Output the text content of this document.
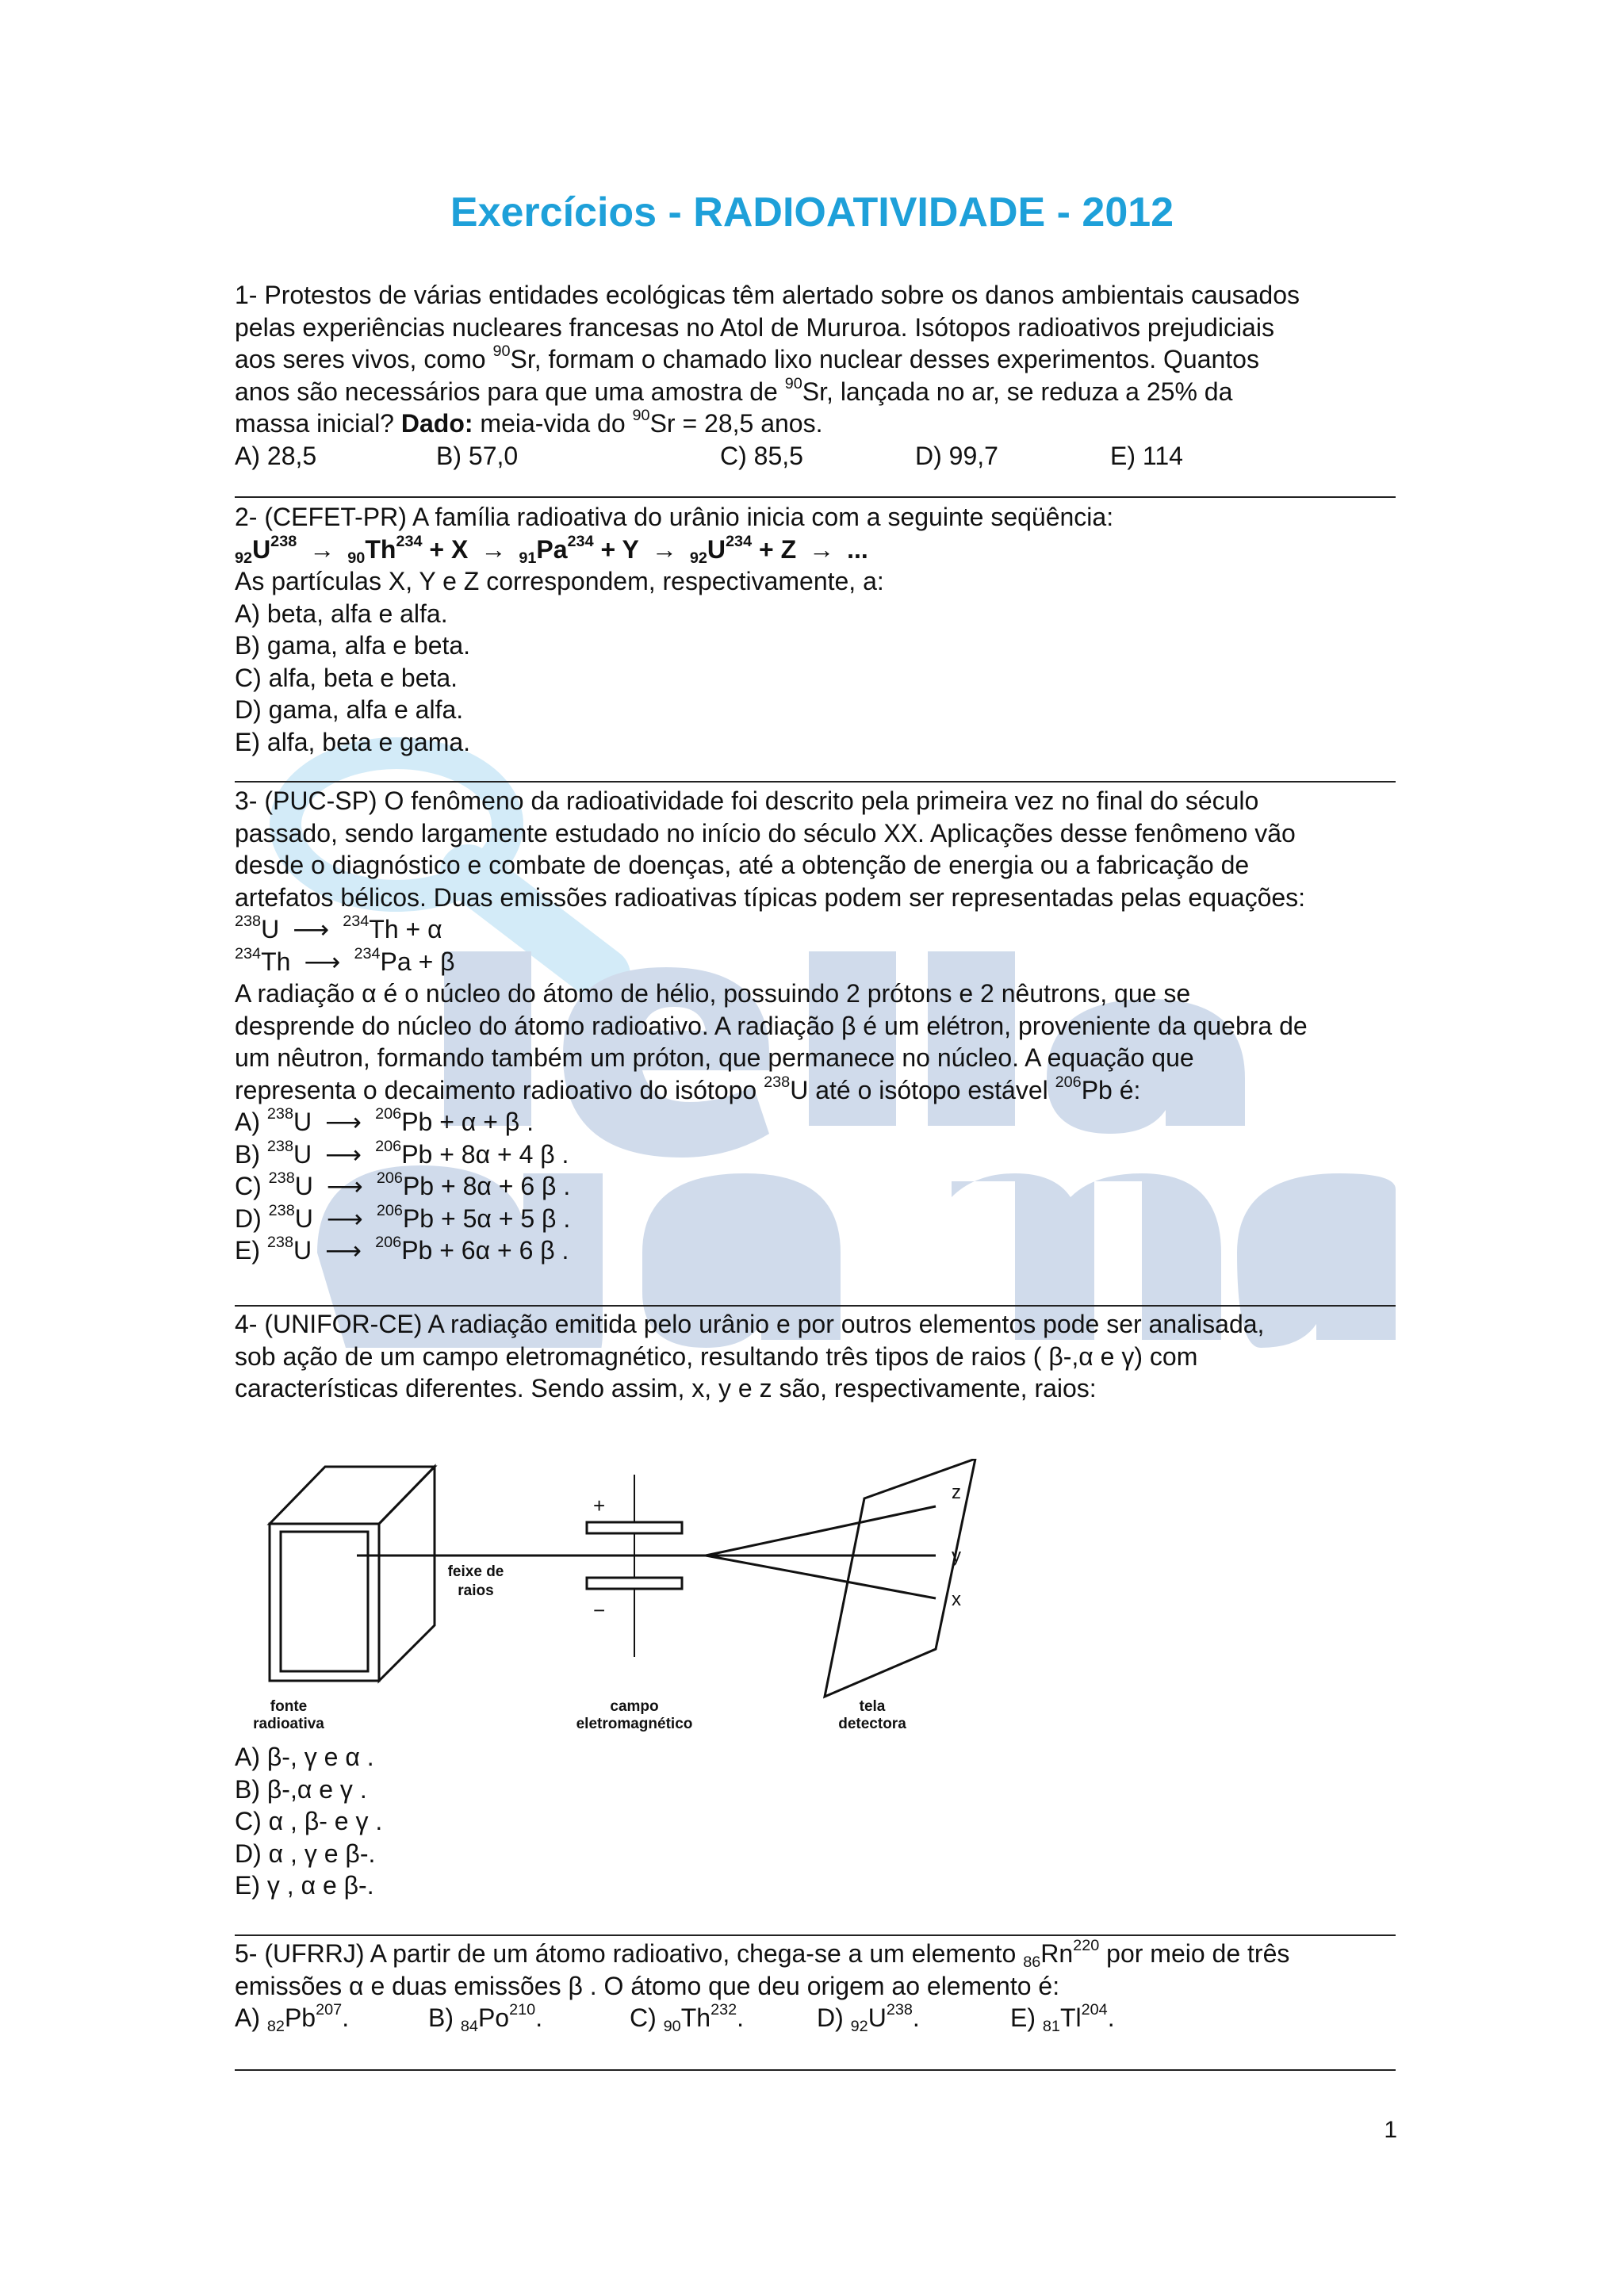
Exercícios - RADIOATIVIDADE - 2012
1- Protestos de várias entidades ecológicas têm alertado sobre os danos ambientais causados
pelas experiências nucleares francesas no Atol de Mururoa. Isótopos radioativos prejudiciais
aos seres vivos, como $^{90}$Sr, formam o chamado lixo nuclear desses experimentos. Quantos
anos são necessários para que uma amostra de $^{90}$Sr, lançada no ar, se reduza a 25% da
massa inicial? Dado: meia-vida do $^{90}$Sr = 28,5 anos.
A) 28,5	B) 57,0	C) 85,5	D) 99,7	E) 114
2- (CEFET-PR) A família radioativa do urânio inicia com a seguinte seqüência:
$_{92}U^{238} \to _{90}Th^{234} + X \to _{91}Pa^{234} + Y \to _{92}U^{234} + Z$ → ...
As partículas X, Y e Z correspondem, respectivamente, a:
A) beta, alfa e alfa.
B) gama, alfa e beta.
C) alfa, beta e beta.
D) gama, alfa e alfa.
E) alfa, beta e gama.
3- (PUC-SP) O fenômeno da radioatividade foi descrito pela primeira vez no final do século
passado, sendo largamente estudado no início do século XX. Aplicações desse fenômeno vão
desde o diagnóstico e combate de doenças, até a obtenção de energia ou a fabricação de
artefatos bélicos. Duas emissões radioativas típicas podem ser representadas pelas equações:
$^{238}$U ⟶ $^{234}$Th + α
$^{234}$Th ⟶ $^{234}$Pa + β
A radiação α é o núcleo do átomo de hélio, possuindo 2 prótons e 2 nêutrons, que se
desprende do núcleo do átomo radioativo. A radiação β é um elétron, proveniente da quebra de
um nêutron, formando também um próton, que permanece no núcleo. A equação que
representa o decaimento radioativo do isótopo $^{238}$U até o isótopo estável $^{206}$Pb é:
A) $^{238}$U ⟶ $^{206}$Pb + α + β .
B) $^{238}$U ⟶ $^{206}$Pb + 8α + 4 β .
C) $^{238}$U ⟶ $^{206}$Pb + 8α + 6 β .
D) $^{238}$U ⟶ $^{206}$Pb + 5α + 5 β .
E) $^{238}$U ⟶ $^{206}$Pb + 6α + 6 β .
4- (UNIFOR-CE) A radiação emitida pelo urânio e por outros elementos pode ser analisada,
sob ação de um campo eletromagnético, resultando três tipos de raios ( β-,α e γ) com
características diferentes. Sendo assim, x, y e z são, respectivamente, raios:
+
−
z
y
x
feixe de raios
fonte radioativa
campo eletromagnético
tela detectora
A) β-, γ e α .
B) β-,α e γ .
C) α , β- e γ .
D) α , γ e β-.
E) γ , α e β-.
5- (UFRRJ) A partir de um átomo radioativo, chega-se a um elemento $_{86}Rn^{220}$ por meio de três
emissões α e duas emissões β . O átomo que deu origem ao elemento é:
A) $_{82}Pb^{207}$.	B) $_{84}Po^{210}$.	C) $_{90}Th^{232}$.	D) $_{92}U^{238}$.	E) $_{81}Tl^{204}$.
1
